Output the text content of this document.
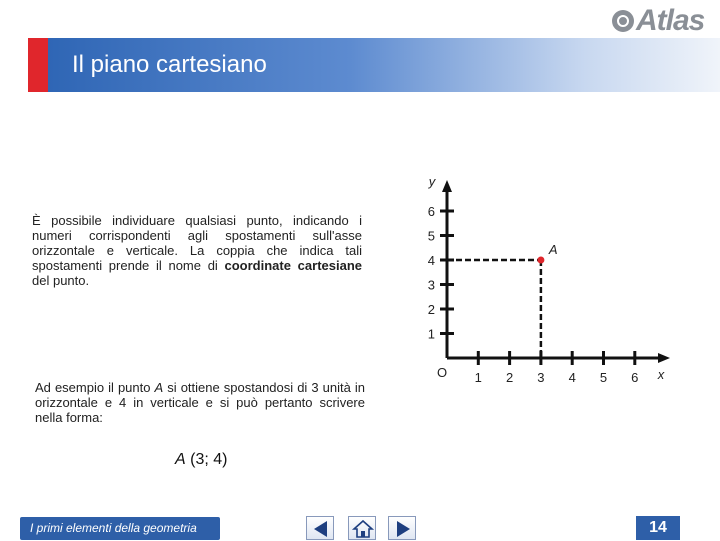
Atlas
Il piano cartesiano
È possibile individuare qualsiasi punto, indicando i numeri corrispondenti agli spostamenti sull'asse orizzontale e verticale. La coppia che indica tali spostamenti prende il nome di coordinate cartesiane del punto.
Ad esempio il punto A si ottiene spostandosi di 3 unità in orizzontale e 4 in verticale e si può pertanto scrivere nella forma:
A (3; 4)
1 2 3 4 5 6
1
2
3
4
5
6
x
y
O
A
I primi elementi della geometria	14
